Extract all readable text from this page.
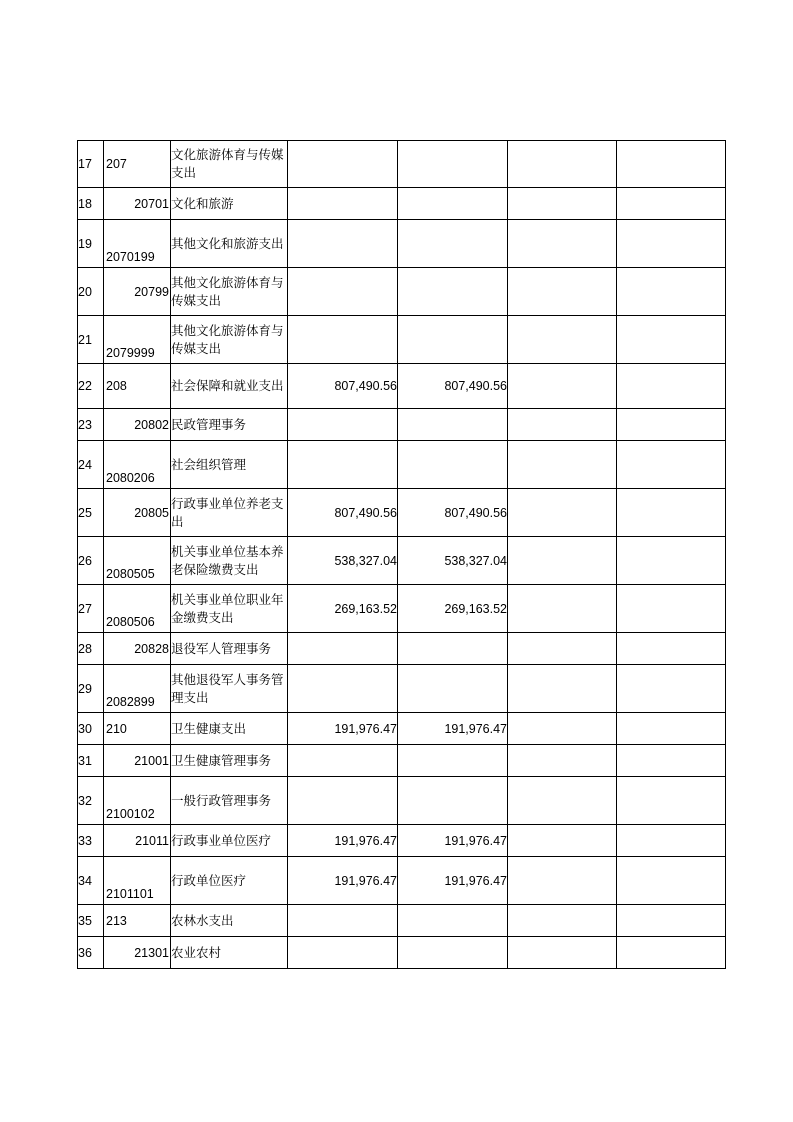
17	207	文化旅游体育与传媒支出				
18	20701	文化和旅游				
19	2070199	其他文化和旅游支出				
20	20799	其他文化旅游体育与传媒支出				
21	2079999	其他文化旅游体育与传媒支出				
22	208	社会保障和就业支出	807,490.56	807,490.56		
23	20802	民政管理事务				
24	2080206	社会组织管理				
25	20805	行政事业单位养老支出	807,490.56	807,490.56		
26	2080505	机关事业单位基本养老保险缴费支出	538,327.04	538,327.04		
27	2080506	机关事业单位职业年金缴费支出	269,163.52	269,163.52		
28	20828	退役军人管理事务				
29	2082899	其他退役军人事务管理支出				
30	210	卫生健康支出	191,976.47	191,976.47		
31	21001	卫生健康管理事务				
32	2100102	一般行政管理事务				
33	21011	行政事业单位医疗	191,976.47	191,976.47		
34	2101101	行政单位医疗	191,976.47	191,976.47		
35	213	农林水支出				
36	21301	农业农村				
